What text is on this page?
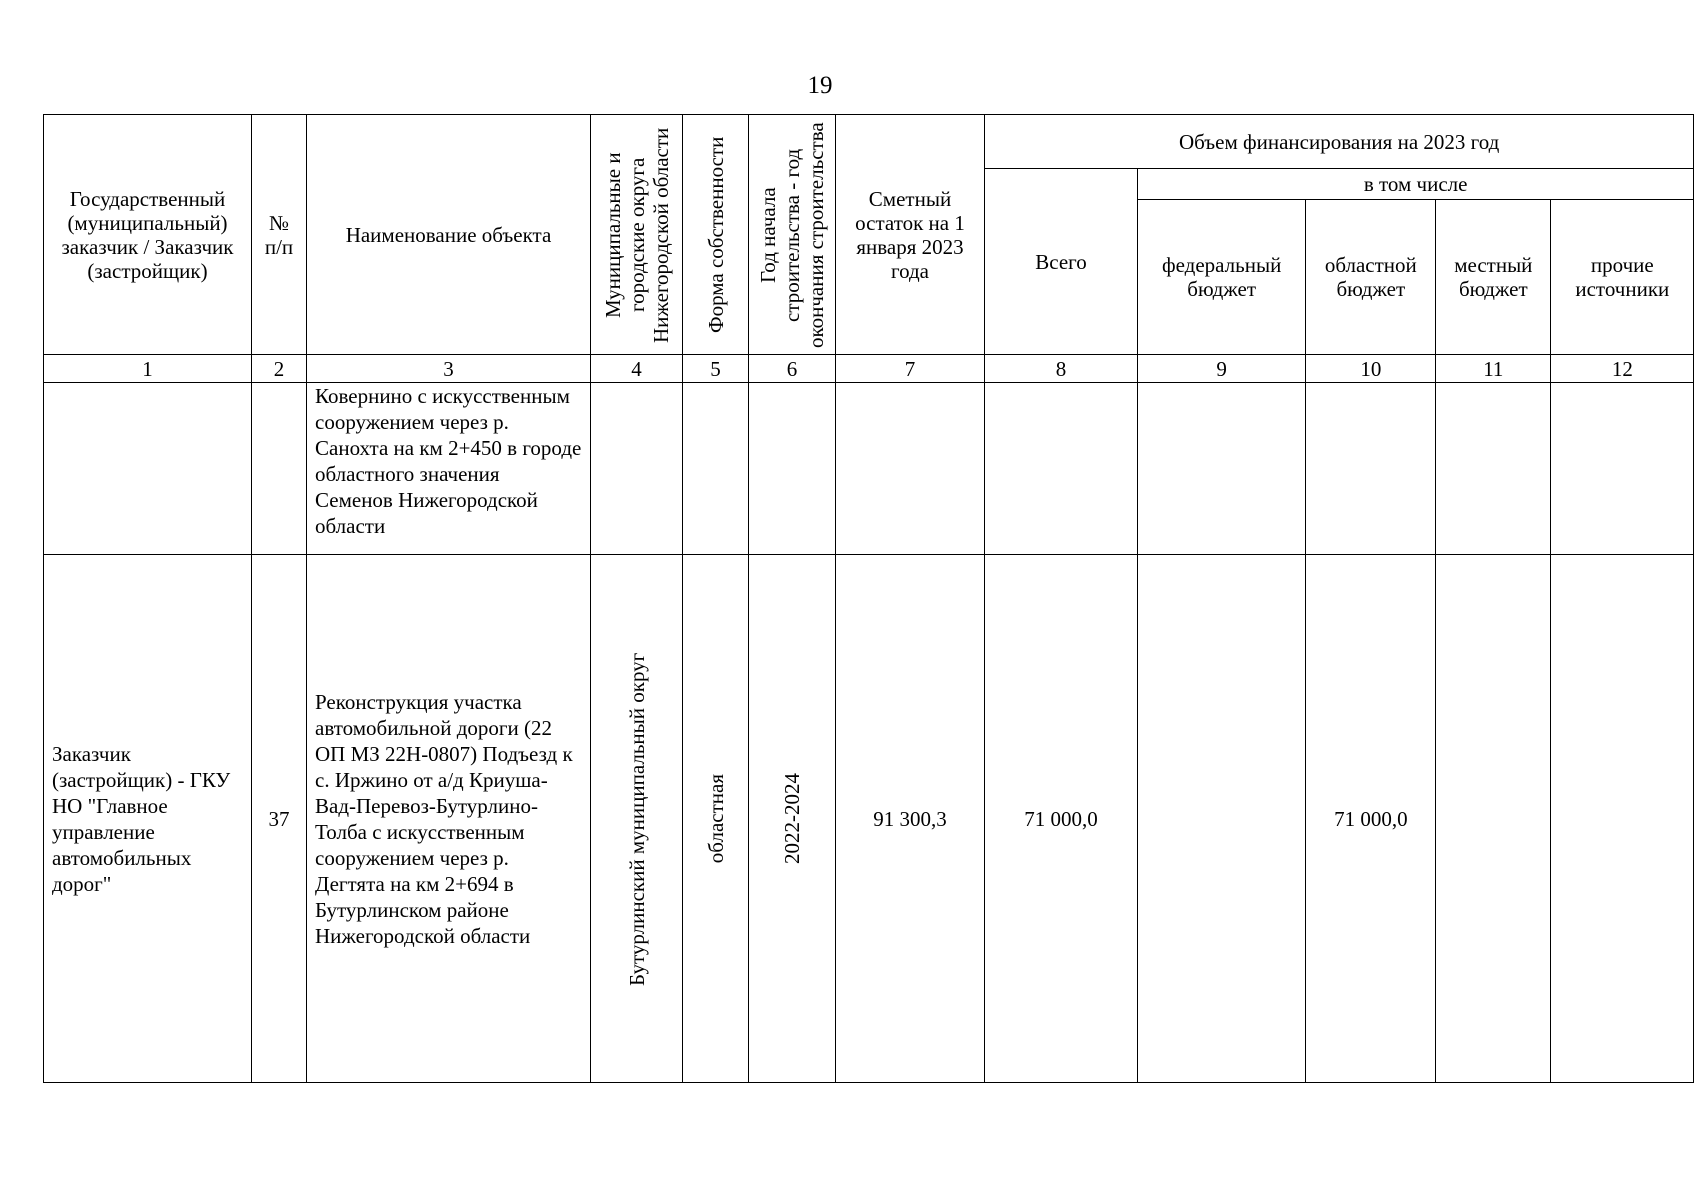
19
Государственный (муниципальный) заказчик / Заказчик (застройщик)	№ п/п	Наименование объекта	Муниципальные и городские округа Нижегородской области	Форма собственности	Год начала строительства - год окончания строительства	Сметный остаток на 1 января 2023 года	Объем финансирования на 2023 год				

							Всего	в том числе			

								федеральный бюджет	областной бюджет	местный бюджет	прочие источники

1	2	3	4	5	6	7	8	9	10	11	12
		Ковернино с искусственным сооружением через р. Санохта на км 2+450 в городе областного значения Семенов Нижегородской области									
Заказчик (застройщик) - ГКУ НО "Главное управление автомобильных дорог"	37	Реконструкция участка автомобильной дороги (22 ОП МЗ 22Н-0807) Подъезд к с. Иржино от а/д Криуша-Вад-Перевоз-Бутурлино-Толба с искусственным сооружением через р. Дегтята на км 2+694 в Бутурлинском районе Нижегородской области	Бутурлинский муниципальный округ	областная	2022-2024	91 300,3	71 000,0		71 000,0		
